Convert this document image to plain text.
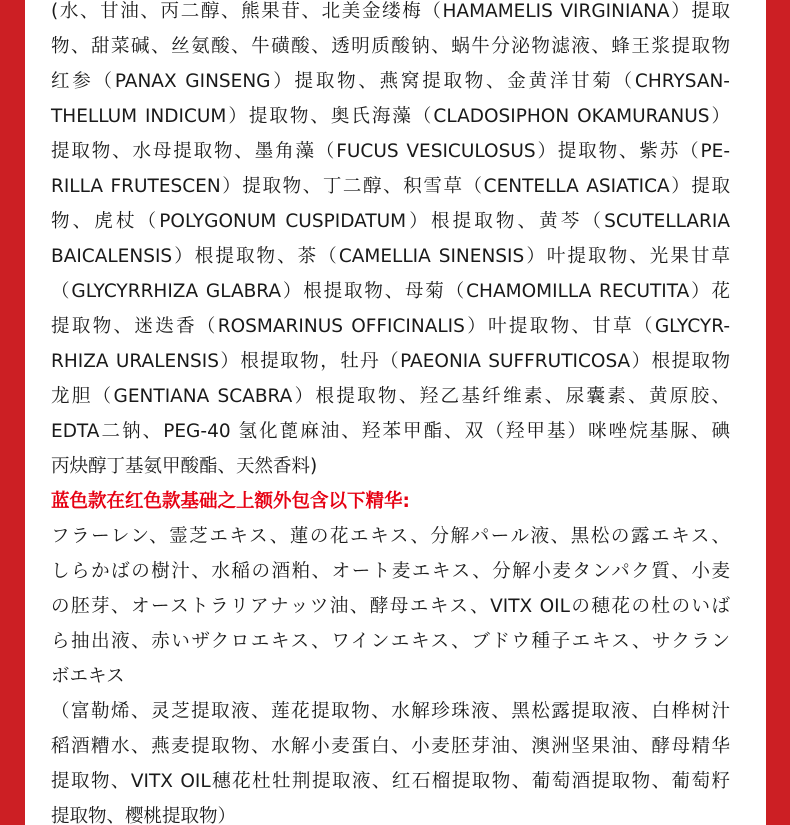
(水、甘油、丙二醇、熊果苷、北美金缕梅（HAMAMELIS VIRGINIANA）提取
物、甜菜碱、丝氨酸、牛磺酸、透明质酸钠、蜗牛分泌物滤液、蜂王浆提取物
红参（PANAX GINSENG）提取物、燕窝提取物、金黄洋甘菊（CHRYSAN-
THELLUM INDICUM）提取物、奥氏海藻（CLADOSIPHON OKAMURANUS）
提取物、水母提取物、墨角藻（FUCUS VESICULOSUS）提取物、紫苏（PE-
RILLA FRUTESCEN）提取物、丁二醇、积雪草（CENTELLA ASIATICA）提取
物、虎杖（POLYGONUM CUSPIDATUM）根提取物、黄芩（SCUTELLARIA
BAICALENSIS）根提取物、茶（CAMELLIA SINENSIS）叶提取物、光果甘草
（GLYCYRRHIZA GLABRA）根提取物、母菊（CHAMOMILLA RECUTITA）花
提取物、迷迭香（ROSMARINUS OFFICINALIS）叶提取物、甘草（GLYCYR-
RHIZA URALENSIS）根提取物，牡丹（PAEONIA SUFFRUTICOSA）根提取物
龙胆（GENTIANA SCABRA）根提取物、羟乙基纤维素、尿囊素、黄原胶、
EDTA二钠、PEG-40 氢化蓖麻油、羟苯甲酯、双（羟甲基）咪唑烷基脲、碘
丙炔醇丁基氨甲酸酯、天然香料)
蓝色款在红色款基础之上额外包含以下精华:
フラーレン、霊芝エキス、蓮の花エキス、分解パール液、黒松の露エキス、
しらかばの樹汁、水稲の酒粕、オート麦エキス、分解小麦タンパク質、小麦
の胚芽、オーストラリアナッツ油、酵母エキス、VITX OILの穂花の杜のいば
ら抽出液、赤いザクロエキス、ワインエキス、ブドウ種子エキス、サクラン
ボエキス
（富勒烯、灵芝提取液、莲花提取物、水解珍珠液、黑松露提取液、白桦树汁
稻酒糟水、燕麦提取物、水解小麦蛋白、小麦胚芽油、澳洲坚果油、酵母精华
提取物、VITX OIL穗花杜牡荆提取液、红石榴提取物、葡萄酒提取物、葡萄籽
提取物、樱桃提取物）
